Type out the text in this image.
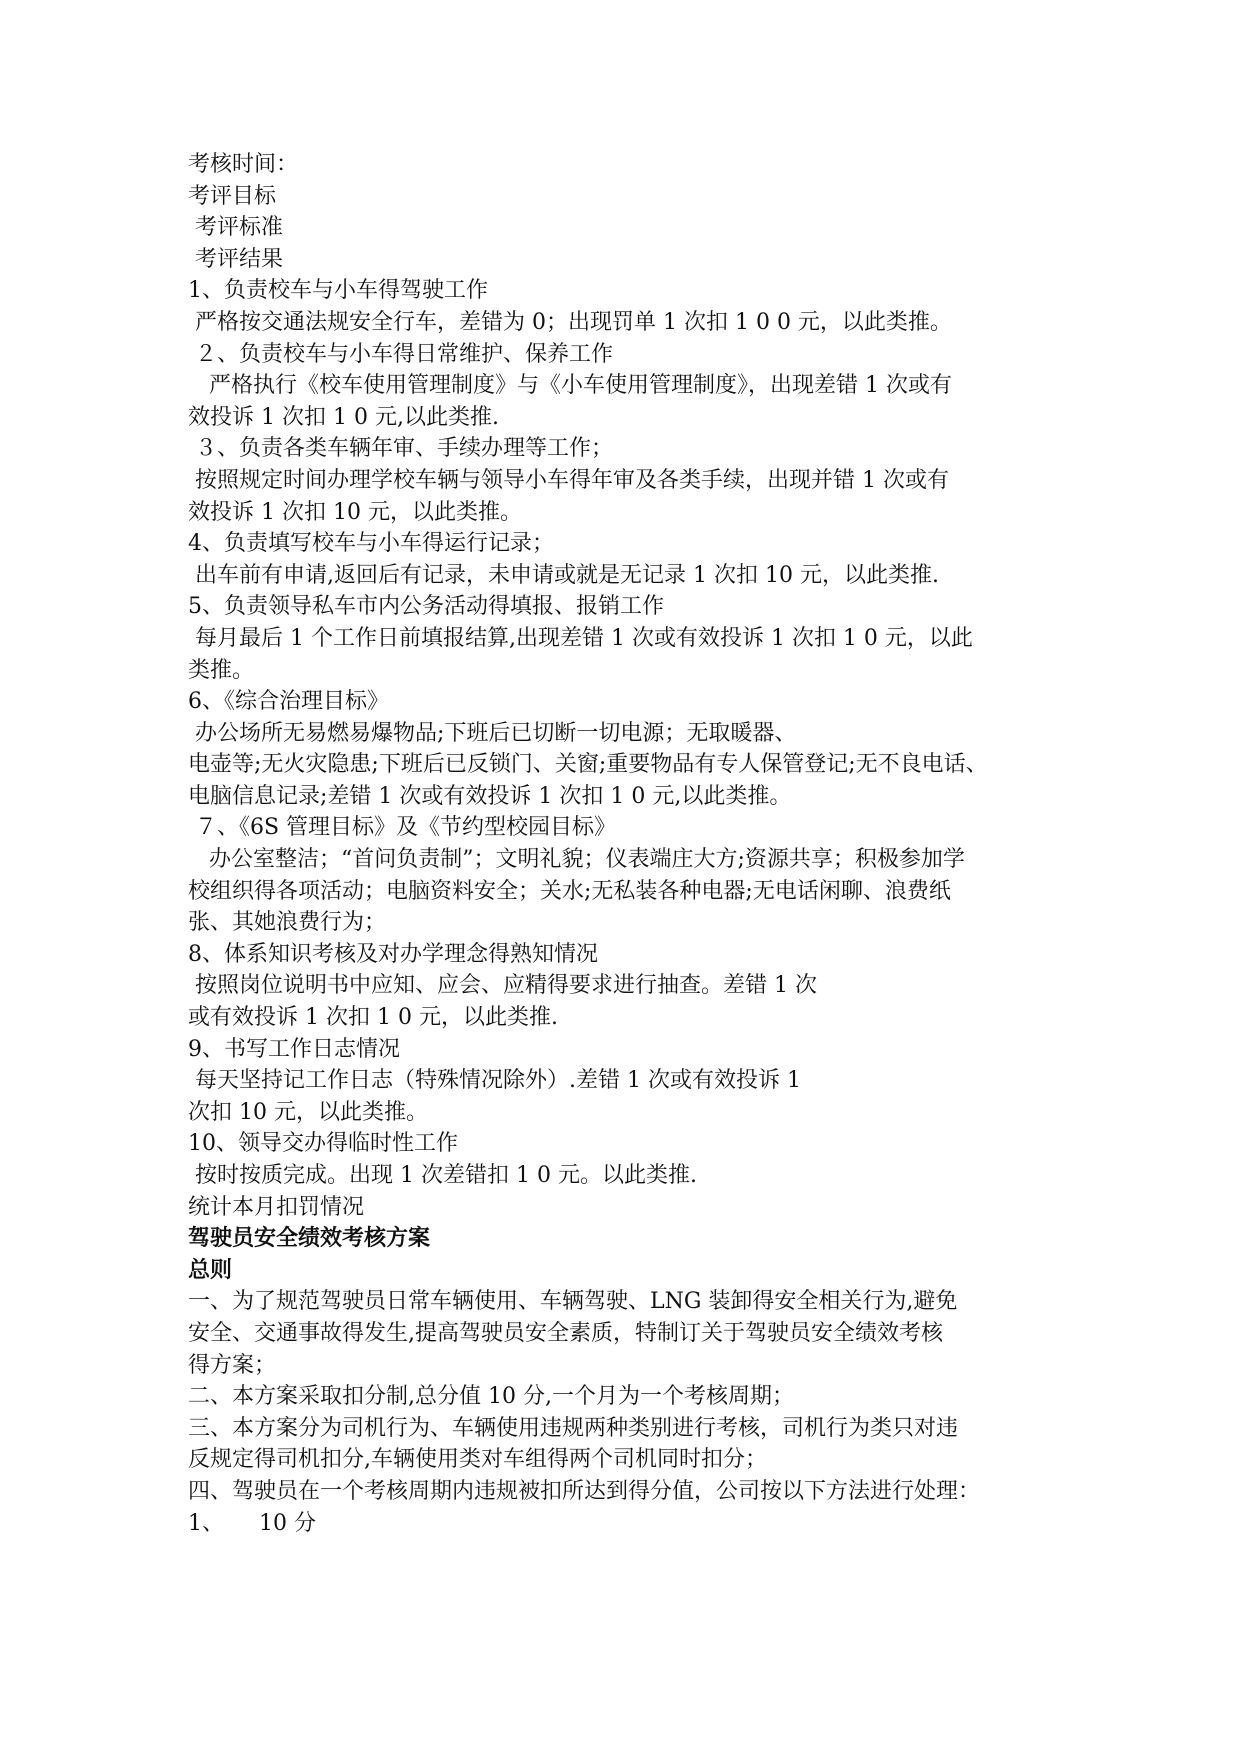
考核时间：

考评目标

考评标准

考评结果

1、负责校车与小车得驾驶工作

严格按交通法规安全行车，差错为 0；出现罚单 1 次扣 1 0 0 元，以此类推。

２、负责校车与小车得日常维护、保养工作

严格执行《校车使用管理制度》与《小车使用管理制度》，出现差错 1 次或有

效投诉 1 次扣 1 0 元,以此类推.

３、负责各类车辆年审、手续办理等工作；

按照规定时间办理学校车辆与领导小车得年审及各类手续，出现并错 1 次或有

效投诉 1 次扣 10 元，以此类推。

4、负责填写校车与小车得运行记录；

出车前有申请,返回后有记录，未申请或就是无记录 1 次扣 10 元，以此类推.

5、负责领导私车市内公务活动得填报、报销工作

每月最后 1 个工作日前填报结算,出现差错 1 次或有效投诉 1 次扣 1 0 元，以此

类推。

6、《综合治理目标》

办公场所无易燃易爆物品;下班后已切断一切电源；无取暖器、

电壶等;无火灾隐患;下班后已反锁门、关窗;重要物品有专人保管登记;无不良电话、

电脑信息记录;差错 1 次或有效投诉 1 次扣 1 0 元,以此类推。

７、《6S 管理目标》及《节约型校园目标》

办公室整洁；“首问负责制”；文明礼貌；仪表端庄大方;资源共享；积极参加学

校组织得各项活动；电脑资料安全；关水;无私装各种电器;无电话闲聊、浪费纸

张、其她浪费行为；

8、体系知识考核及对办学理念得熟知情况

按照岗位说明书中应知、应会、应精得要求进行抽查。差错 1 次

或有效投诉 1 次扣 1 0 元，以此类推.

9、书写工作日志情况

每天坚持记工作日志（特殊情况除外）.差错 1 次或有效投诉 1

次扣 10 元，以此类推。

10、领导交办得临时性工作

按时按质完成。出现 1 次差错扣 1 0 元。以此类推.

统计本月扣罚情况

驾驶员安全绩效考核方案

总则

一、为了规范驾驶员日常车辆使用、车辆驾驶、LNG 装卸得安全相关行为,避免

安全、交通事故得发生,提高驾驶员安全素质，特制订关于驾驶员安全绩效考核

得方案；

二、本方案采取扣分制,总分值 10 分,一个月为一个考核周期；

三、本方案分为司机行为、车辆使用违规两种类别进行考核，司机行为类只对违

反规定得司机扣分,车辆使用类对车组得两个司机同时扣分；

四、驾驶员在一个考核周期内违规被扣所达到得分值，公司按以下方法进行处理：

1、     10 分
